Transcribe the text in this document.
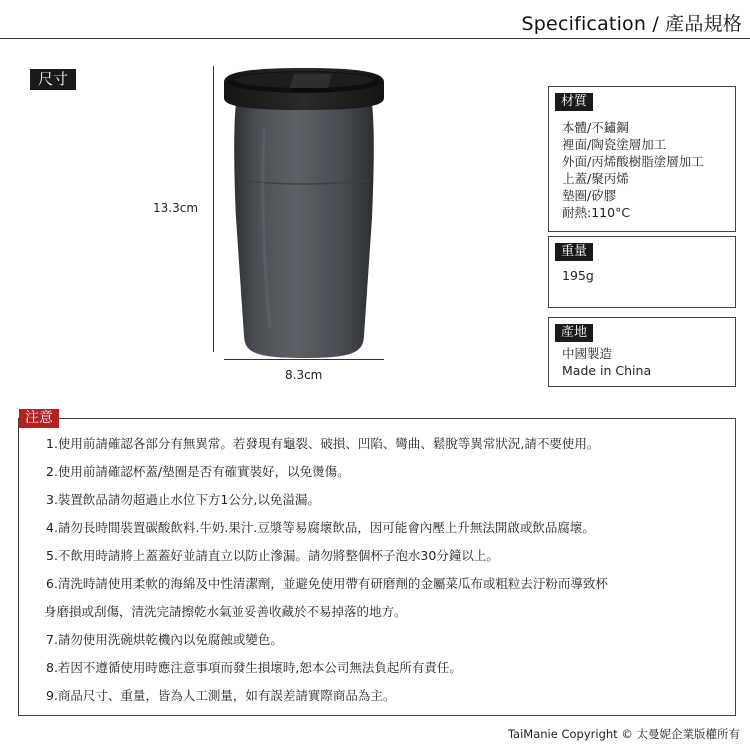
Specification / 產品規格
尺寸
13.3cm
8.3cm
材質
本體/不鏽鋼
裡面/陶瓷塗層加工
外面/丙烯酸樹脂塗層加工
上蓋/聚丙烯
墊圈/矽膠
耐熱:110°C
重量
195g
產地
中國製造
Made in China
注意
1.使用前請確認各部分有無異常。若發現有龜裂、破損、凹陷、彎曲、鬆脫等異常狀況,請不要使用。
2.使用前請確認杯蓋/墊圈是否有確實裝好，以免燙傷。
3.裝置飲品請勿超過止水位下方1公分,以免溢漏。
4.請勿長時間裝置碳酸飲料.牛奶.果汁.豆漿等易腐壞飲品，因可能會內壓上升無法開啟或飲品腐壞。
5.不飲用時請將上蓋蓋好並請直立以防止滲漏。請勿將整個杯子泡水30分鐘以上。
6.清洗時請使用柔軟的海綿及中性清潔劑，並避免使用帶有研磨劑的金屬菜瓜布或粗粒去汙粉而導致杯
身磨損或刮傷，清洗完請擦乾水氣並妥善收藏於不易掉落的地方。
7.請勿使用洗碗烘乾機內以免腐蝕或變色。
8.若因不遵循使用時應注意事項而發生損壞時,恕本公司無法負起所有責任。
9.商品尺寸、重量，皆為人工測量，如有誤差請實際商品為主。
TaiManie Copyright © 太曼妮企業版權所有
